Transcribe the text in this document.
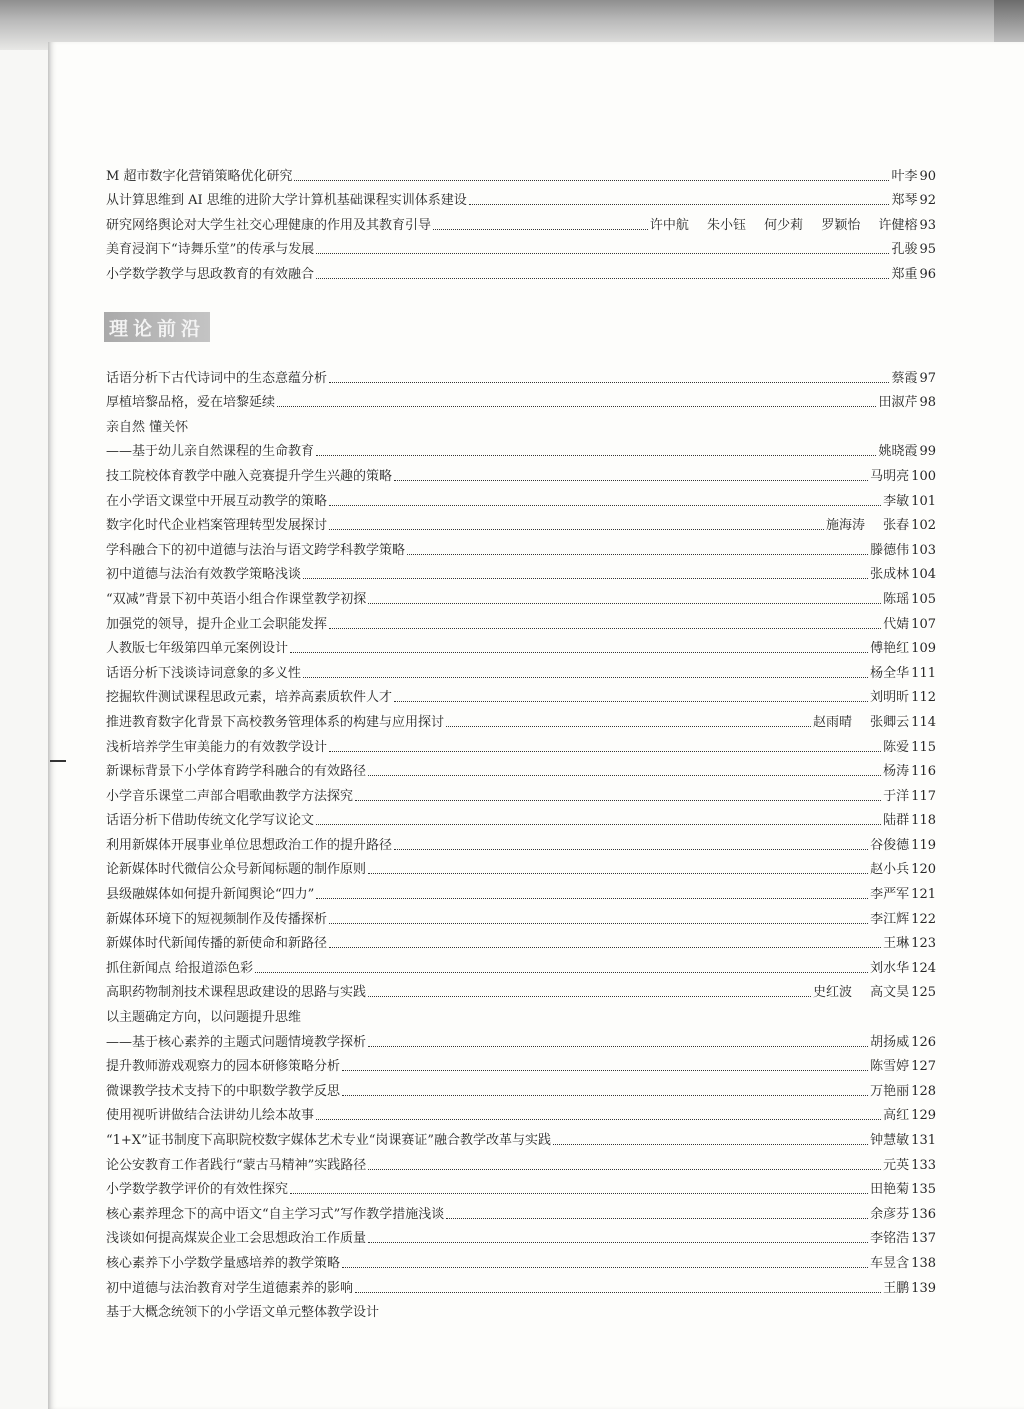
M 超市数字化营销策略优化研究	叶李 90
从计算思维到 AI 思维的进阶大学计算机基础课程实训体系建设	郑琴 92
研究网络舆论对大学生社交心理健康的作用及其教育引导	许中航 朱小钰 何少莉 罗颖怡 许健榕 93
美育浸润下“诗舞乐堂”的传承与发展	孔骏 95
小学数学教学与思政教育的有效融合	郑重 96
理论前沿
话语分析下古代诗词中的生态意蕴分析	蔡霞 97
厚植培黎品格，爱在培黎延续	田淑芹 98
亲自然 懂关怀
——基于幼儿亲自然课程的生命教育	姚晓霞 99
技工院校体育教学中融入竞赛提升学生兴趣的策略	马明亮 100
在小学语文课堂中开展互动教学的策略	李敏 101
数字化时代企业档案管理转型发展探讨	施海涛 张春 102
学科融合下的初中道德与法治与语文跨学科教学策略	滕德伟 103
初中道德与法治有效教学策略浅谈	张成林 104
“双减”背景下初中英语小组合作课堂教学初探	陈瑶 105
加强党的领导，提升企业工会职能发挥	代婧 107
人教版七年级第四单元案例设计	傅艳红 109
话语分析下浅谈诗词意象的多义性	杨全华 111
挖掘软件测试课程思政元素，培养高素质软件人才	刘明昕 112
推进教育数字化背景下高校教务管理体系的构建与应用探讨	赵雨晴 张卿云 114
浅析培养学生审美能力的有效教学设计	陈爱 115
新课标背景下小学体育跨学科融合的有效路径	杨涛 116
小学音乐课堂二声部合唱歌曲教学方法探究	于洋 117
话语分析下借助传统文化学写议论文	陆群 118
利用新媒体开展事业单位思想政治工作的提升路径	谷俊德 119
论新媒体时代微信公众号新闻标题的制作原则	赵小兵 120
县级融媒体如何提升新闻舆论“四力”	李严军 121
新媒体环境下的短视频制作及传播探析	李江辉 122
新媒体时代新闻传播的新使命和新路径	王琳 123
抓住新闻点 给报道添色彩	刘水华 124
高职药物制剂技术课程思政建设的思路与实践	史红波 高文昊 125
以主题确定方向，以问题提升思维
——基于核心素养的主题式问题情境教学探析	胡扬威 126
提升教师游戏观察力的园本研修策略分析	陈雪婷 127
微课教学技术支持下的中职数学教学反思	万艳丽 128
使用视听讲做结合法讲幼儿绘本故事	高红 129
“1+X”证书制度下高职院校数字媒体艺术专业“岗课赛证”融合教学改革与实践	钟慧敏 131
论公安教育工作者践行“蒙古马精神”实践路径	元英 133
小学数学教学评价的有效性探究	田艳菊 135
核心素养理念下的高中语文“自主学习式”写作教学措施浅谈	余彦芬 136
浅谈如何提高煤炭企业工会思想政治工作质量	李铭浩 137
核心素养下小学数学量感培养的教学策略	车昱含 138
初中道德与法治教育对学生道德素养的影响	王鹏 139
基于大概念统领下的小学语文单元整体教学设计
